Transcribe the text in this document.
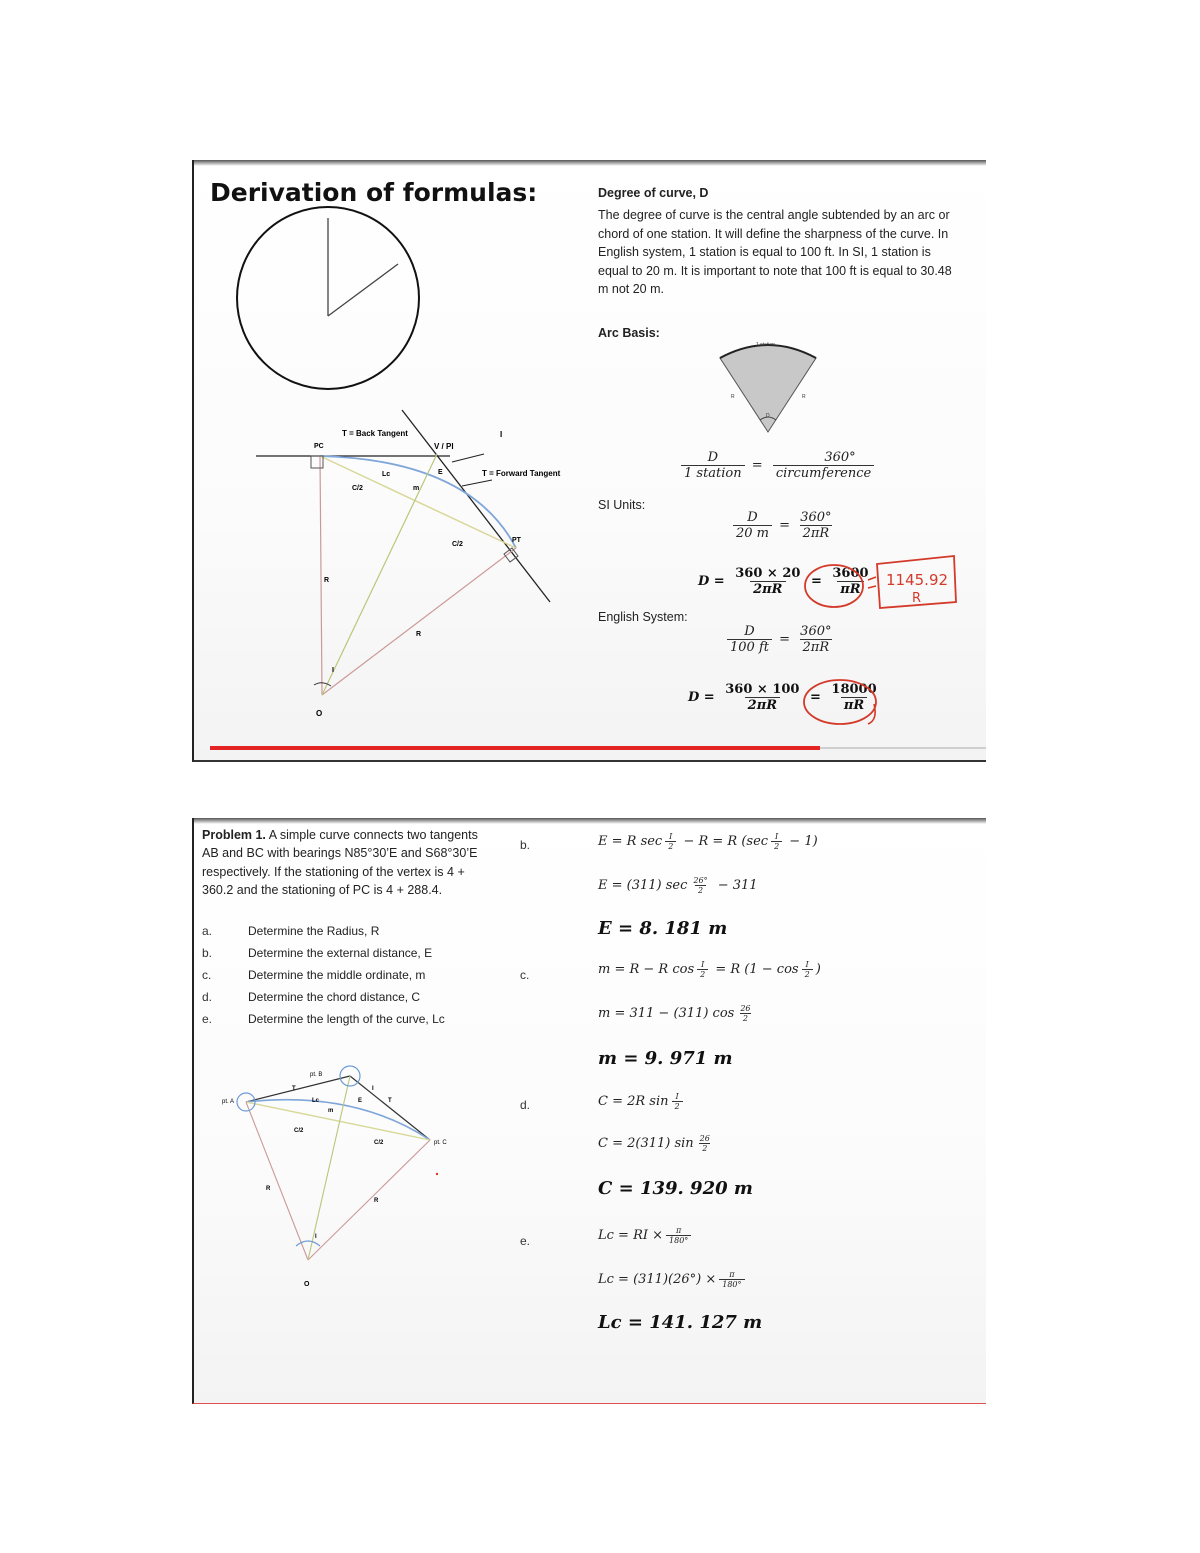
Derivation of formulas:
T = Back Tangent
V / PI
I
PC
Lc	E	T = Forward Tangent
C/2	m
C/2
PT
R
R
I
O
Degree of curve, D
The degree of curve is the central angle subtended by an arc or chord of one station. It will define the sharpness of the curve. In English system, 1 station is equal to 100 ft. In SI, 1 station is equal to 20 m. It is important to note that 100 ft is equal to 30.48 m not 20 m.
Arc Basis:
1 station
R	R
D
$\frac{D}{\text{1 station}} = \frac{360^\circ}{\text{circumference}}$
SI Units:
$\frac{D}{20 m} = \frac{360^\circ}{2\pi R}$
$D = \frac{360 \times 20}{2\pi R} = \frac{3600}{\pi R}$
English System:
$\frac{D}{100 ft} = \frac{360^\circ}{2\pi R}$
$D = \frac{360 \times 100}{2\pi R} = \frac{18000}{\pi R}$
1145.92
R
Problem 1. A simple curve connects two tangents AB and BC with bearings N85°30’E and S68°30’E respectively. If the stationing of the vertex is 4 + 360.2 and the stationing of PC is 4 + 288.4.
a.	Determine the Radius, R
b.	Determine the external distance, E
c.	Determine the middle ordinate, m
d.	Determine the chord distance, C
e.	Determine the length of the curve, Lc
pt. B
pt. A
T
Lc	E	T
I
m
C/2
C/2	pt. C
R
R
I
O
b.	E = R $\sec \frac{I}{2} - R = R$ $(\sec \frac{I}{2} - 1)$
E = (311) $\sec \frac{26^\circ}{2} - 311$
E = 8. 181 m
c.	m = R − R $\cos \frac{I}{2} = R$ ($1 - \cos \frac{I}{2}$ )
m = 311 − (311) $\cos \frac{26}{2}$
m = 9. 971 m
d.	C = 2R $\sin \frac{I}{2}$
C = 2(311) $\sin \frac{26}{2}$
C = 139. 920 m
e.	Lc = RI × $\frac{\pi}{180^\circ}$
$Lc = (311)(26^\circ) \times \frac{\pi}{180^\circ}$
Lc = 141. 127 m
